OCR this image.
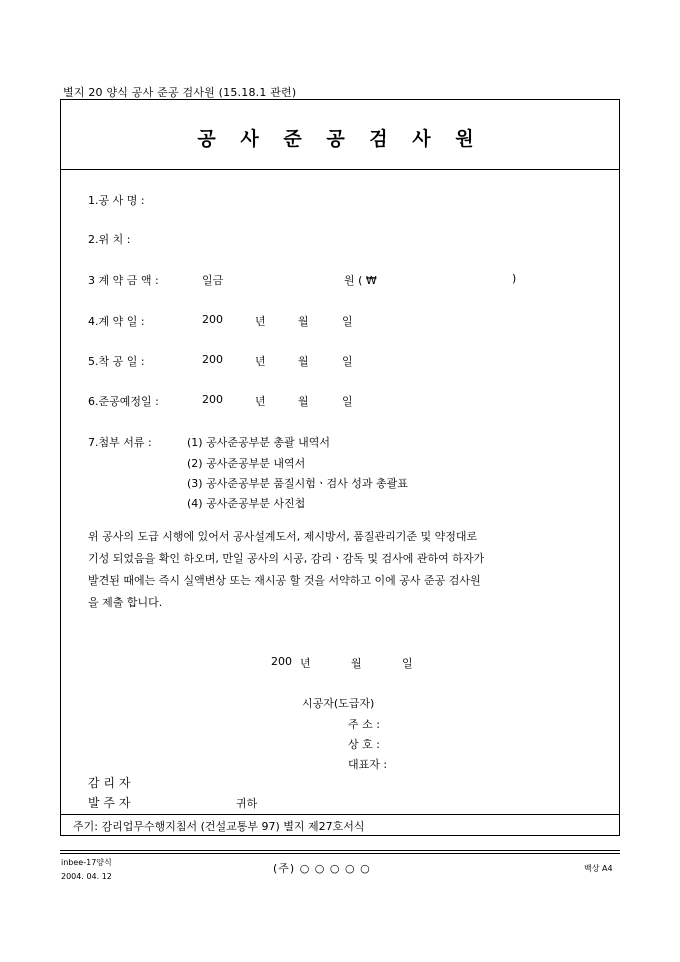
별지 20 양식 공사 준공 검사원 (15.18.1 관련)
공 사 준 공 검 사 원
1.공 사 명 :
2.위 치 :
3 계 약 금 액 :	일금	원 ( ₩	)
4.계 약 일 :	200	년	월	일
5.착 공 일 :	200	년	월	일
6.준공예정일 :	200	년	월	일
7.첨부 서류 :	(1) 공사준공부분 총괄 내역서
(2) 공사준공부분 내역서
(3) 공사준공부분 품질시험ㆍ검사 성과 총괄표
(4) 공사준공부분 사진첩
위 공사의 도급 시행에 있어서 공사설계도서, 제시방서, 품질관리기준 및 약정대로
기성 되었음을 확인 하오며, 만일 공사의 시공, 감리ㆍ감독 및 검사에 관하여 하자가
발견된 때에는 즉시 실액변상 또는 재시공 할 것을 서약하고 이에 공사 준공 검사원
을 제출 합니다.
200 년	월	일
시공자(도급자)
주 소 :
상 호 :
대표자 :
감 리 자
발 주 자	귀하
주기: 감리업무수행지침서 (건설교통부 97) 별지 제27호서식
inbee-17양식
2004. 04. 12
(주) ○ ○ ○ ○ ○	백상 A4
